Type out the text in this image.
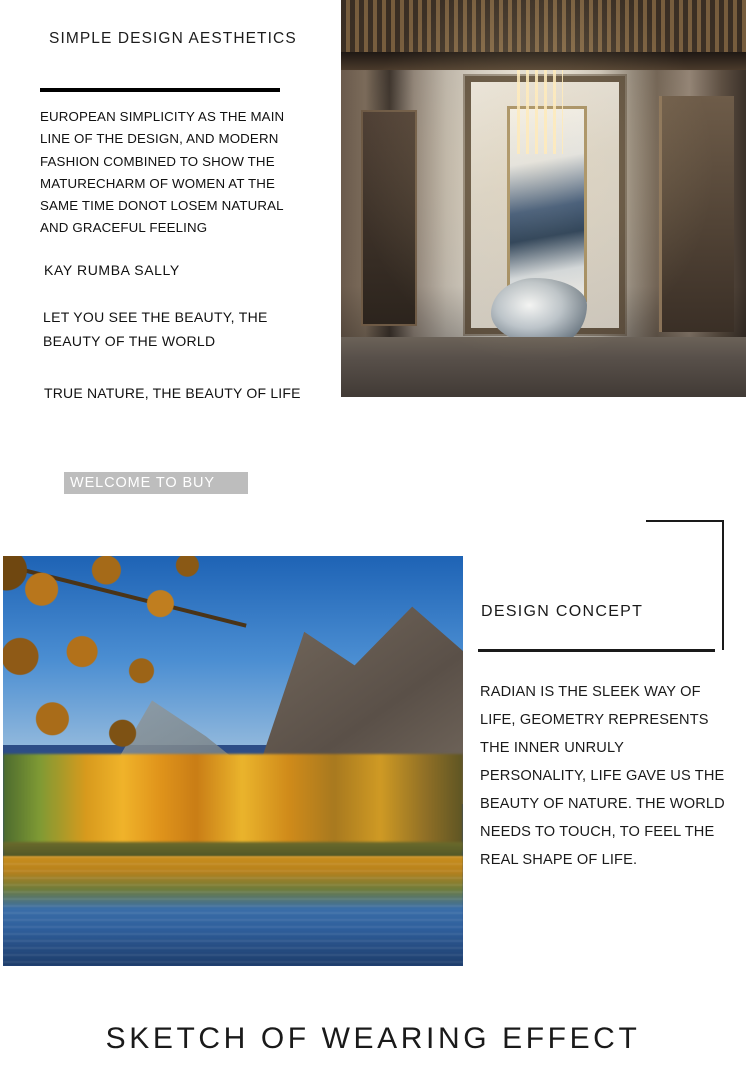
SIMPLE DESIGN AESTHETICS
EUROPEAN SIMPLICITY AS THE MAIN LINE OF THE DESIGN, AND MODERN FASHION COMBINED TO SHOW THE MATURECHARM OF WOMEN AT THE SAME TIME DONOT LOSEM NATURAL AND GRACEFUL FEELING
KAY RUMBA SALLY
LET YOU SEE THE BEAUTY, THE BEAUTY OF THE WORLD
TRUE NATURE, THE BEAUTY OF LIFE
WELCOME TO BUY
DESIGN CONCEPT
RADIAN IS THE SLEEK WAY OF LIFE, GEOMETRY REPRESENTS THE INNER UNRULY PERSONALITY, LIFE GAVE US THE BEAUTY OF NATURE. THE WORLD NEEDS TO TOUCH, TO FEEL THE REAL SHAPE OF LIFE.
SKETCH OF WEARING EFFECT
